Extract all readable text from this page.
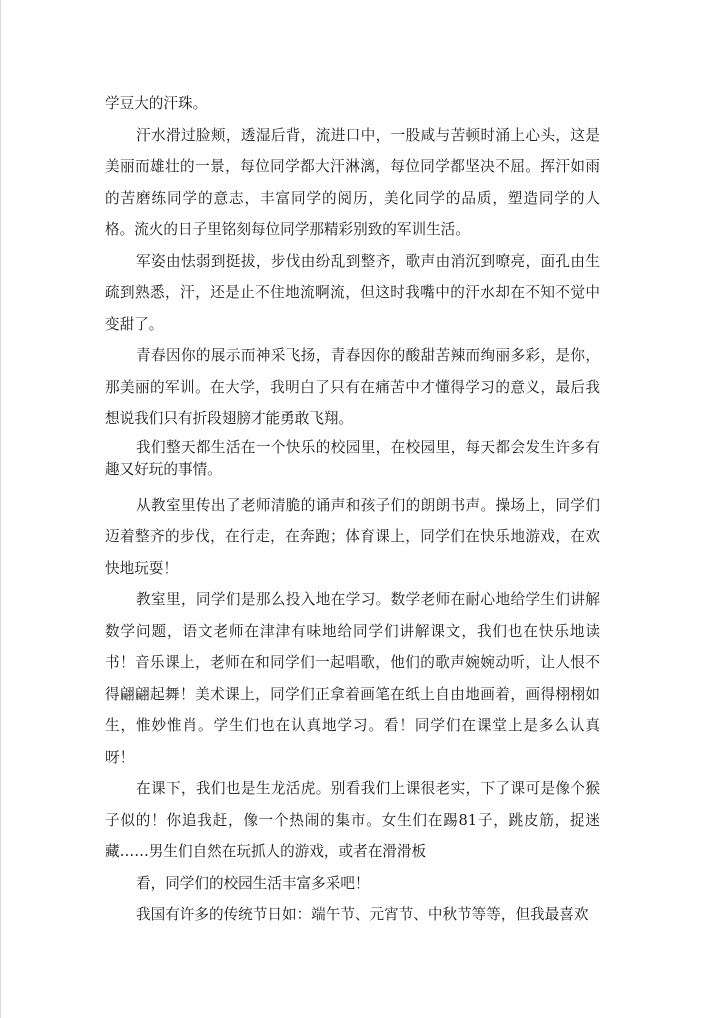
学豆大的汗珠。

汗水滑过脸颊，透湿后背，流进口中，一股咸与苦顿时涌上心头，这是美丽而雄壮的一景，每位同学都大汗淋漓，每位同学都坚决不屈。挥汗如雨的苦磨练同学的意志，丰富同学的阅历，美化同学的品质，塑造同学的人格。流火的日子里铭刻每位同学那精彩别致的军训生活。

军姿由怯弱到挺拔，步伐由纷乱到整齐，歌声由消沉到嘹亮，面孔由生疏到熟悉，汗，还是止不住地流啊流，但这时我嘴中的汗水却在不知不觉中变甜了。

青春因你的展示而神采飞扬，青春因你的酸甜苦辣而绚丽多彩，是你，那美丽的军训。在大学，我明白了只有在痛苦中才懂得学习的意义，最后我想说我们只有折段翅膀才能勇敢飞翔。

我们整天都生活在一个快乐的校园里，在校园里，每天都会发生许多有趣又好玩的事情。

从教室里传出了老师清脆的诵声和孩子们的朗朗书声。操场上，同学们迈着整齐的步伐，在行走，在奔跑；体育课上，同学们在快乐地游戏，在欢快地玩耍！

教室里，同学们是那么投入地在学习。数学老师在耐心地给学生们讲解数学问题，语文老师在津津有味地给同学们讲解课文，我们也在快乐地读书！音乐课上，老师在和同学们一起唱歌，他们的歌声婉婉动听，让人恨不得翩翩起舞！美术课上，同学们正拿着画笔在纸上自由地画着，画得栩栩如生，惟妙惟肖。学生们也在认真地学习。看！同学们在课堂上是多么认真呀！

在课下，我们也是生龙活虎。别看我们上课很老实，下了课可是像个猴子似的！你追我赶，像一个热闹的集市。女生们在踢81子，跳皮筋，捉迷藏……男生们自然在玩抓人的游戏，或者在滑滑板

看，同学们的校园生活丰富多采吧！

我国有许多的传统节日如：端午节、元宵节、中秋节等等，但我最喜欢
